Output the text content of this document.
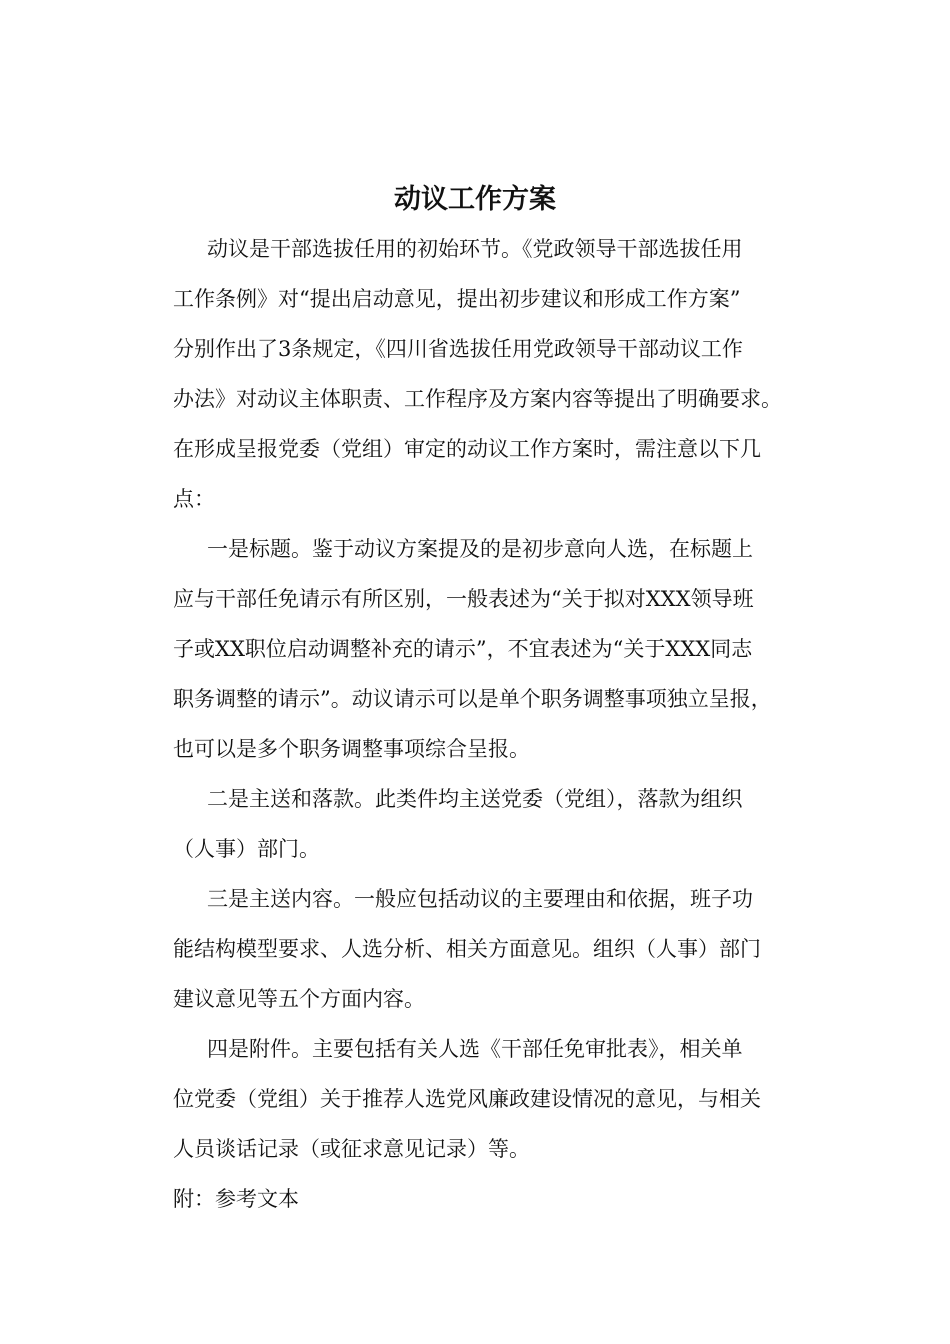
动议工作方案
动议是干部选拔任用的初始环节。《党政领导干部选拔任用
工作条例》对“提出启动意见，提出初步建议和形成工作方案”
分别作出了3条规定，《四川省选拔任用党政领导干部动议工作
办法》对动议主体职责、工作程序及方案内容等提出了明确要求。
在形成呈报党委（党组）审定的动议工作方案时，需注意以下几
点：
一是标题。鉴于动议方案提及的是初步意向人选，在标题上
应与干部任免请示有所区别，一般表述为“关于拟对XXX领导班
子或XX职位启动调整补充的请示”，不宜表述为“关于XXX同志
职务调整的请示”。动议请示可以是单个职务调整事项独立呈报，
也可以是多个职务调整事项综合呈报。
二是主送和落款。此类件均主送党委（党组），落款为组织
（人事）部门。
三是主送内容。一般应包括动议的主要理由和依据，班子功
能结构模型要求、人选分析、相关方面意见。组织（人事）部门
建议意见等五个方面内容。
四是附件。主要包括有关人选《干部任免审批表》，相关单
位党委（党组）关于推荐人选党风廉政建设情况的意见，与相关
人员谈话记录（或征求意见记录）等。
附：参考文本
